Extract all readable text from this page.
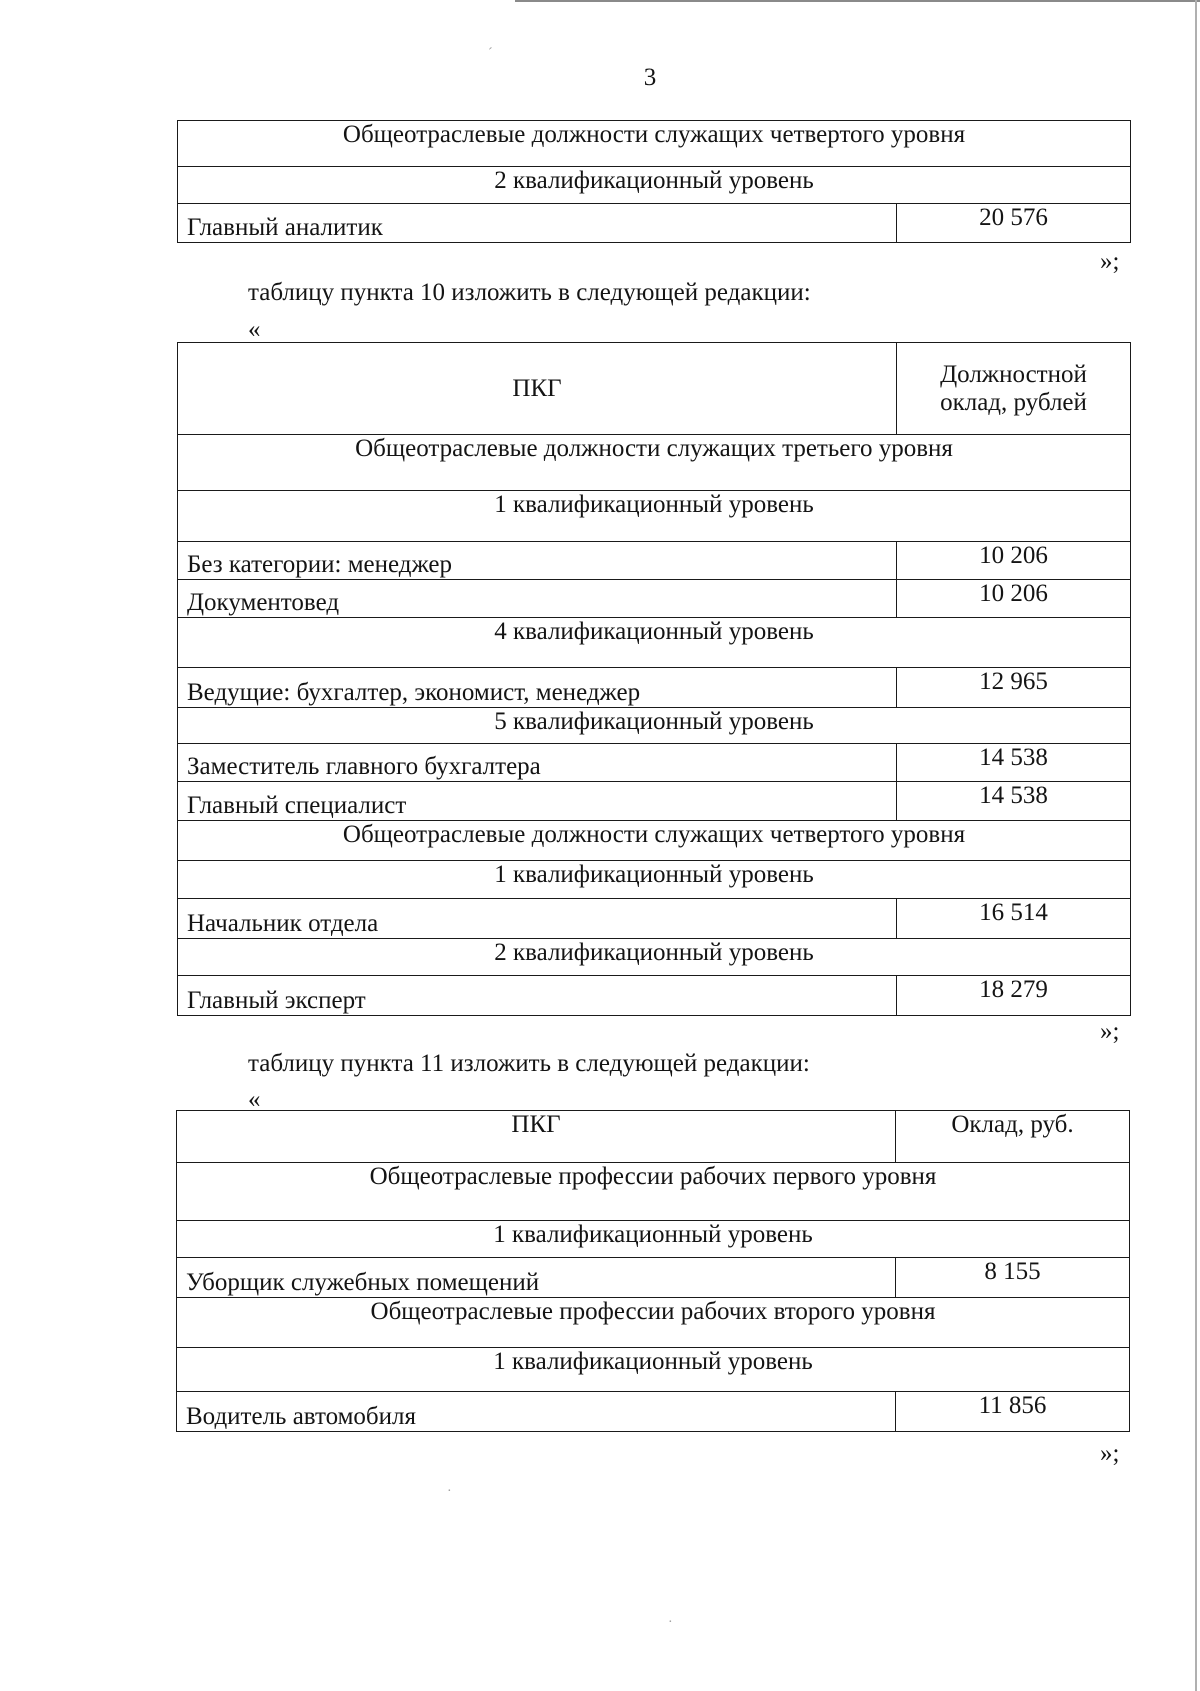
´
3
Общеотраслевые должности служащих четвертого уровня
2 квалификационный уровень
Главный аналитик	20 576
»;
таблицу пункта 10 изложить в следующей редакции:
«
ПКГ	Должностной оклад, рублей
Общеотраслевые должности служащих третьего уровня	
1 квалификационный уровень	
Без категории: менеджер	10 206
Документовед	10 206
4 квалификационный уровень	
Ведущие: бухгалтер, экономист, менеджер	12 965
5 квалификационный уровень	
Заместитель главного бухгалтера	14 538
Главный специалист	14 538
Общеотраслевые должности служащих четвертого уровня	
1 квалификационный уровень	
Начальник отдела	16 514
2 квалификационный уровень	
Главный эксперт	18 279
»;
таблицу пункта 11 изложить в следующей редакции:
«
ПКГ	Оклад, руб.
Общеотраслевые профессии рабочих первого уровня	
1 квалификационный уровень	
Уборщик служебных помещений	8 155
Общеотраслевые профессии рабочих второго уровня	
1 квалификационный уровень	
Водитель автомобиля	11 856
»;
·
·
